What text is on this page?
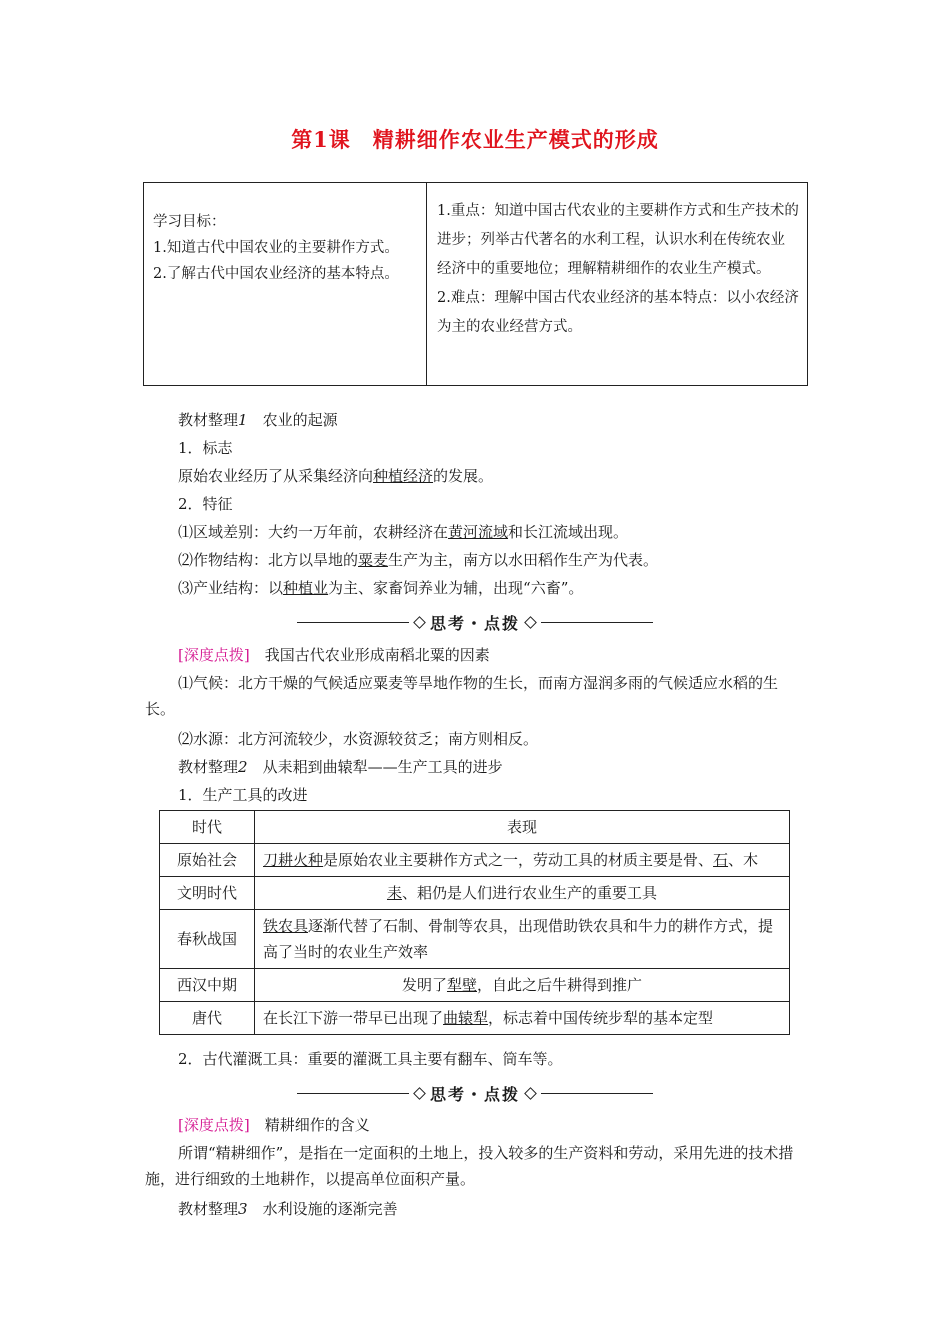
第1课　精耕细作农业生产模式的形成
学习目标：
1.知道古代中国农业的主要耕作方式。
2.了解古代中国农业经济的基本特点。
1.重点：知道中国古代农业的主要耕作方式和生产技术的进步；列举古代著名的水利工程，认识水利在传统农业经济中的重要地位；理解精耕细作的农业生产模式。
2.难点：理解中国古代农业经济的基本特点：以小农经济为主的农业经营方式。
教材整理1　 农业的起源
1．标志
原始农业经历了从采集经济向种植经济的发展。
2．特征
⑴区域差别：大约一万年前，农耕经济在黄河流域和长江流域出现。
⑵作物结构：北方以旱地的粟麦生产为主，南方以水田稻作生产为代表。
⑶产业结构：以种植业为主、家畜饲养业为辅，出现“六畜”。
思考・点拨
[深度点拨]　 我国古代农业形成南稻北粟的因素
⑴气候：北方干燥的气候适应粟麦等旱地作物的生长，而南方湿润多雨的气候适应水稻的生长。
⑵水源：北方河流较少，水资源较贫乏；南方则相反。
教材整理2　 从耒耜到曲辕犁——生产工具的进步
1．生产工具的改进
时代	表现
原始社会	刀耕火种是原始农业主要耕作方式之一，劳动工具的材质主要是骨、石、木
文明时代	耒、耜仍是人们进行农业生产的重要工具
春秋战国	铁农具逐渐代替了石制、骨制等农具，出现借助铁农具和牛力的耕作方式，提高了当时的农业生产效率
西汉中期	发明了犁壁，自此之后牛耕得到推广
唐代	在长江下游一带早已出现了曲辕犁，标志着中国传统步犁的基本定型
2．古代灌溉工具：重要的灌溉工具主要有翻车、筒车等。
思考・点拨
[深度点拨]　 精耕细作的含义
所谓“精耕细作”，是指在一定面积的土地上，投入较多的生产资料和劳动，采用先进的技术措施，进行细致的土地耕作，以提高单位面积产量。
教材整理3　 水利设施的逐渐完善
